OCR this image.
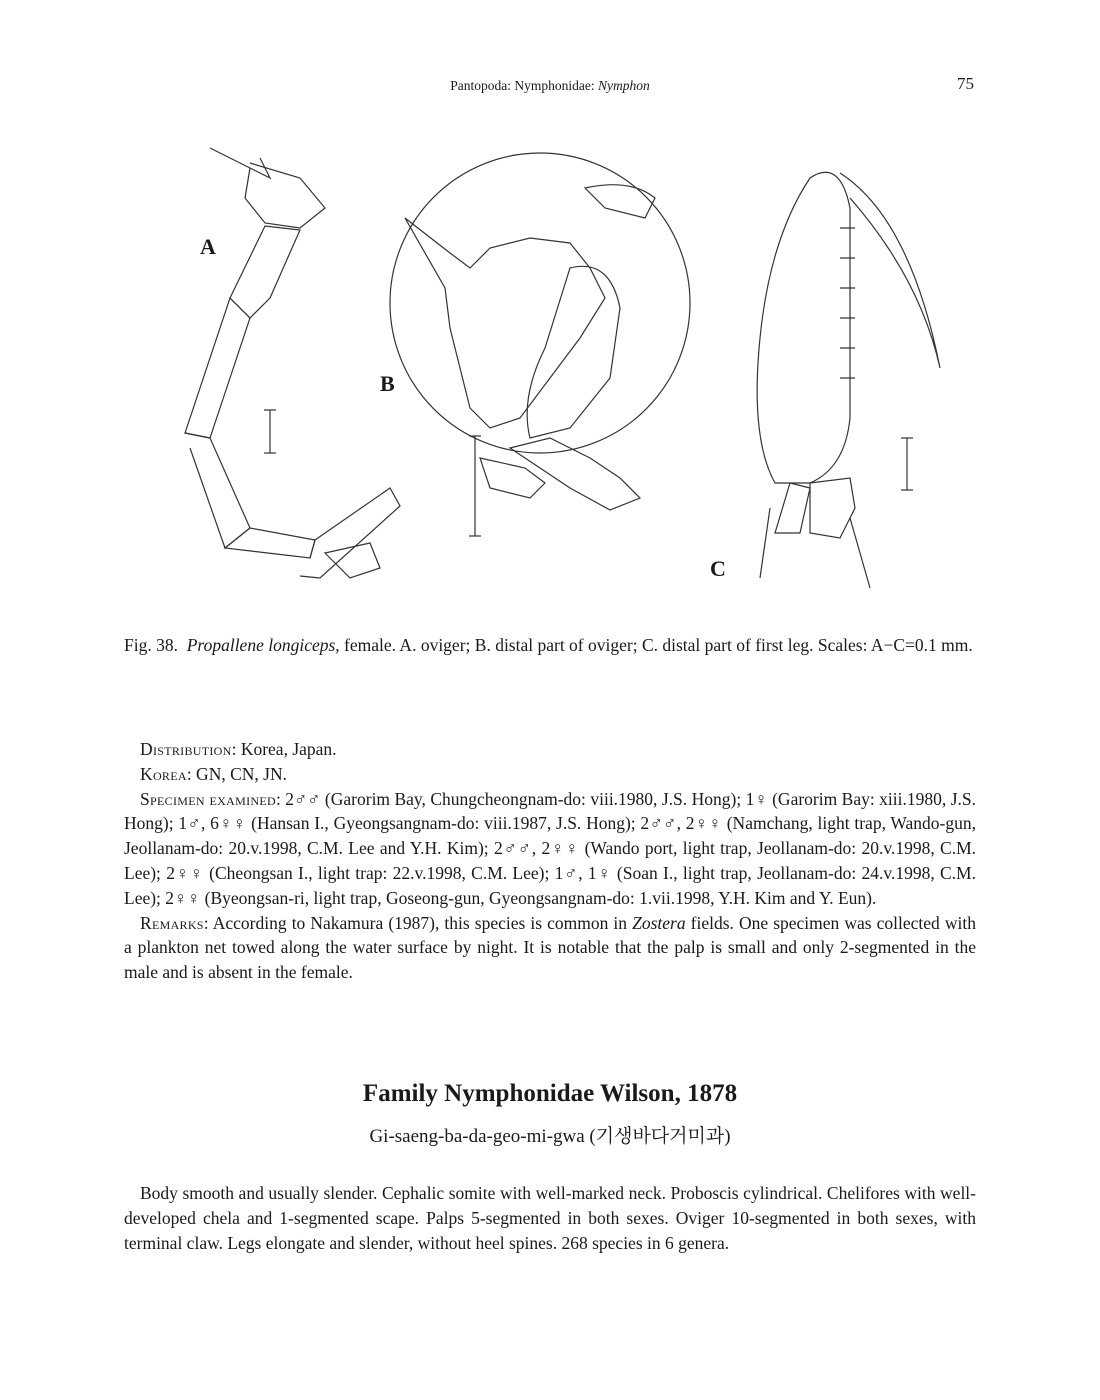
Pantopoda: Nymphonidae: Nymphon	75
A
B
C
Fig. 38. Propallene longiceps, female. A. oviger; B. distal part of oviger; C. distal part of first leg. Scales: A−C=0.1 mm.

Distribution: Korea, Japan.

Korea: GN, CN, JN.

Specimen examined: 2♂♂ (Garorim Bay, Chungcheongnam-do: viii.1980, J.S. Hong); 1♀ (Garorim Bay: xiii.1980, J.S. Hong); 1♂, 6♀♀ (Hansan I., Gyeongsangnam-do: viii.1987, J.S. Hong); 2♂♂, 2♀♀ (Namchang, light trap, Wando-gun, Jeollanam-do: 20.v.1998, C.M. Lee and Y.H. Kim); 2♂♂, 2♀♀ (Wando port, light trap, Jeollanam-do: 20.v.1998, C.M. Lee); 2♀♀ (Cheongsan I., light trap: 22.v.1998, C.M. Lee); 1♂, 1♀ (Soan I., light trap, Jeollanam-do: 24.v.1998, C.M. Lee); 2♀♀ (Byeongsan-ri, light trap, Goseong-gun, Gyeongsangnam-do: 1.vii.1998, Y.H. Kim and Y. Eun).

Remarks: According to Nakamura (1987), this species is common in Zostera fields. One specimen was collected with a plankton net towed along the water surface by night. It is notable that the palp is small and only 2-segmented in the male and is absent in the female.

Family Nymphonidae Wilson, 1878
Gi-saeng-ba-da-geo-mi-gwa (기생바다거미과)

Body smooth and usually slender. Cephalic somite with well-marked neck. Proboscis cylindrical. Chelifores with well-developed chela and 1-segmented scape. Palps 5-segmented in both sexes. Oviger 10-segmented in both sexes, with terminal claw. Legs elongate and slender, without heel spines. 268 species in 6 genera.
